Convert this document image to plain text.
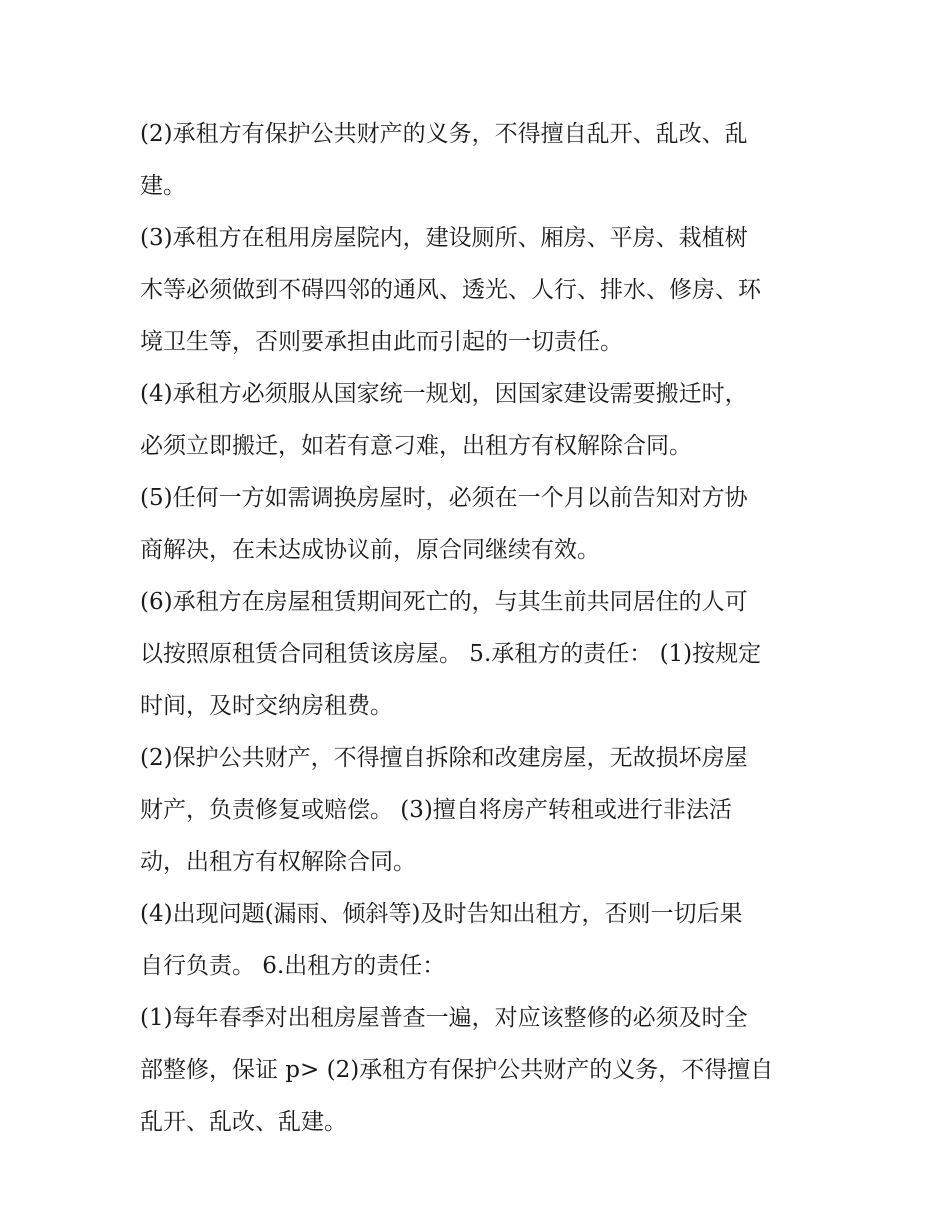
(2)承租方有保护公共财产的义务，不得擅自乱开、乱改、乱
建。
(3)承租方在租用房屋院内，建设厕所、厢房、平房、栽植树
木等必须做到不碍四邻的通风、透光、人行、排水、修房、环
境卫生等，否则要承担由此而引起的一切责任。
(4)承租方必须服从国家统一规划，因国家建设需要搬迁时，
必须立即搬迁，如若有意刁难，出租方有权解除合同。
(5)任何一方如需调换房屋时，必须在一个月以前告知对方协
商解决，在未达成协议前，原合同继续有效。
(6)承租方在房屋租赁期间死亡的，与其生前共同居住的人可
以按照原租赁合同租赁该房屋。 5.承租方的责任： (1)按规定
时间，及时交纳房租费。
(2)保护公共财产，不得擅自拆除和改建房屋，无故损坏房屋
财产，负责修复或赔偿。 (3)擅自将房产转租或进行非法活
动，出租方有权解除合同。
(4)出现问题(漏雨、倾斜等)及时告知出租方，否则一切后果
自行负责。 6.出租方的责任：
(1)每年春季对出租房屋普查一遍，对应该整修的必须及时全
部整修，保证 p> (2)承租方有保护公共财产的义务，不得擅自
乱开、乱改、乱建。
